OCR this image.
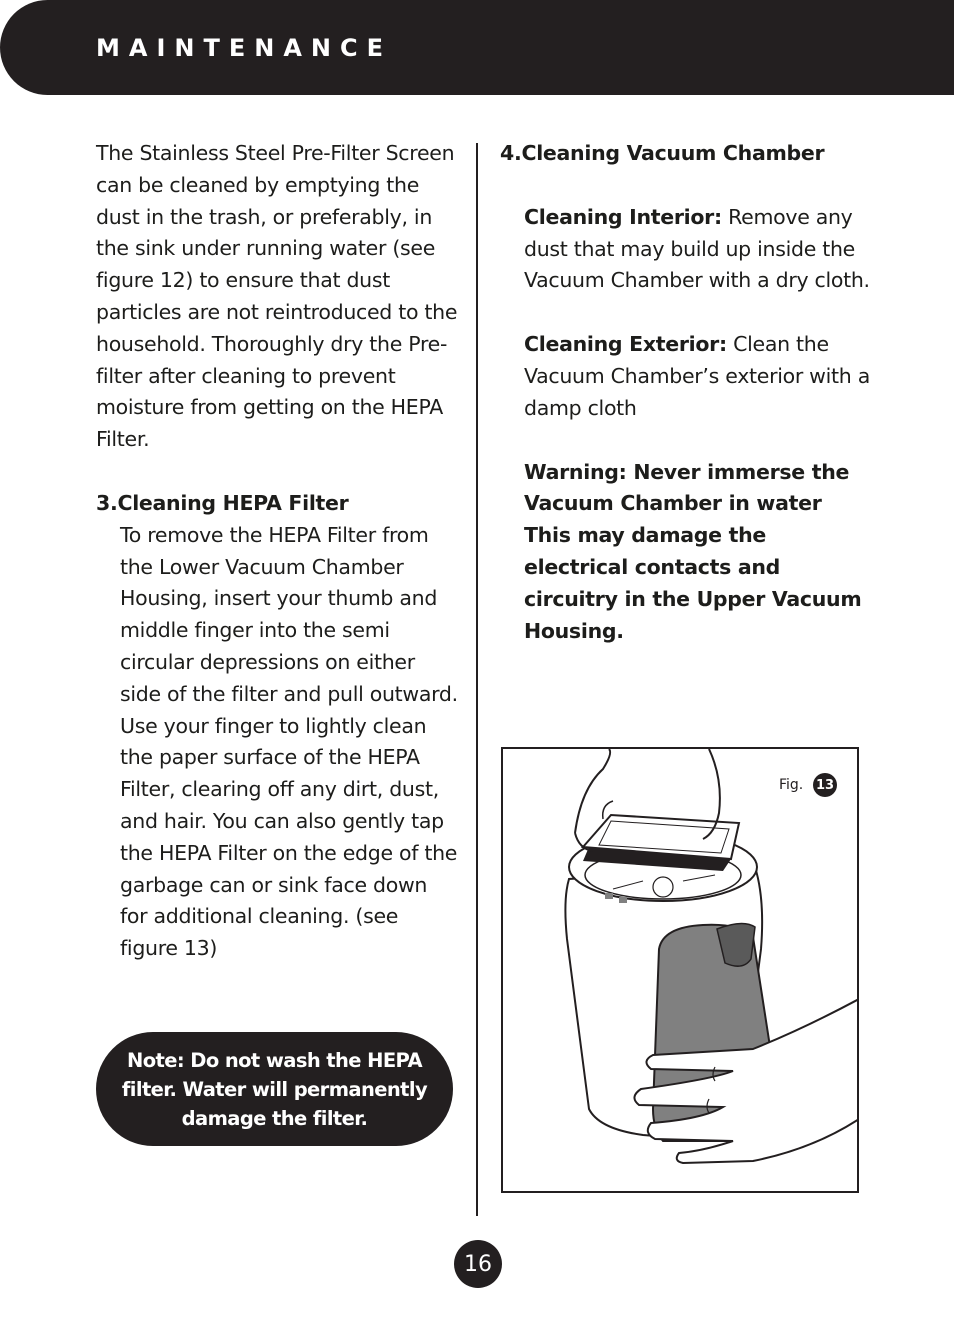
MAINTENANCE

The Stainless Steel Pre-Filter Screen can be cleaned by emptying the dust in the trash, or preferably, in the sink under running water (see figure 12) to ensure that dust particles are not reintroduced to the household. Thoroughly dry the Pre-filter after cleaning to prevent moisture from getting on the HEPA Filter.

3.Cleaning HEPA Filter

To remove the HEPA Filter from the Lower Vacuum Chamber Housing, insert your thumb and middle finger into the semi circular depressions on either side of the filter and pull outward. Use your finger to lightly clean the paper surface of the HEPA Filter, clearing off any dirt, dust, and hair. You can also gently tap the HEPA Filter on the edge of the garbage can or sink face down for additional cleaning. (see figure 13)

Note: Do not wash the HEPA filter. Water will permanently damage the filter.

4.Cleaning Vacuum Chamber

Cleaning Interior: Remove any dust that may build up inside the Vacuum Chamber with a dry cloth.

Cleaning Exterior: Clean the Vacuum Chamber’s exterior with a damp cloth

Warning: Never immerse the Vacuum Chamber in water This may damage the electrical contacts and circuitry in the Upper Vacuum Housing.

Fig. 13
16
